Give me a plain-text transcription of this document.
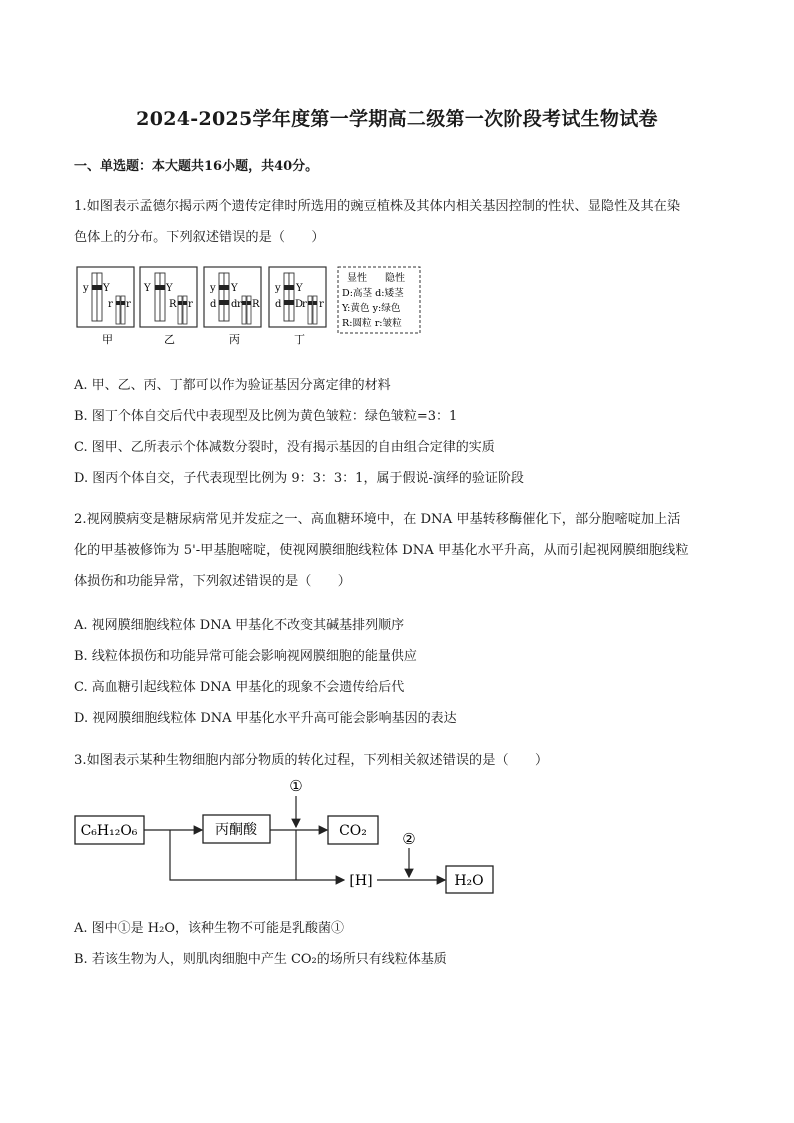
2024-2025学年度第一学期高二级第一次阶段考试生物试卷
一、单选题：本大题共16小题，共40分。
1.如图表示孟德尔揭示两个遗传定律时所选用的豌豆植株及其体内相关基因控制的性状、显隐性及其在染
色体上的分布。下列叙述错误的是（　　）
y Y
r r
甲
Y Y
R r
乙
y Y
d d r R
丙
y Y
d D
r r
丁
显性 隐性
D:高茎 d:矮茎
Y:黄色 y:绿色
R:圆粒 r:皱粒
A. 甲、乙、丙、丁都可以作为验证基因分离定律的材料
B. 图丁个体自交后代中表现型及比例为黄色皱粒：绿色皱粒=3：1
C. 图甲、乙所表示个体减数分裂时，没有揭示基因的自由组合定律的实质
D. 图丙个体自交，子代表现型比例为 9：3：3：1，属于假说-演绎的验证阶段
2.视网膜病变是糖尿病常见并发症之一、高血糖环境中，在 DNA 甲基转移酶催化下，部分胞嘧啶加上活
化的甲基被修饰为 5'-甲基胞嘧啶，使视网膜细胞线粒体 DNA 甲基化水平升高，从而引起视网膜细胞线粒
体损伤和功能异常，下列叙述错误的是（　　）
A. 视网膜细胞线粒体 DNA 甲基化不改变其碱基排列顺序
B. 线粒体损伤和功能异常可能会影响视网膜细胞的能量供应
C. 高血糖引起线粒体 DNA 甲基化的现象不会遗传给后代
D. 视网膜细胞线粒体 DNA 甲基化水平升高可能会影响基因的表达
3.如图表示某种生物细胞内部分物质的转化过程，下列相关叙述错误的是（　　）
C₆H₁₂O₆	丙酮酸	CO₂
H₂O
[H]
①
②
A. 图中①是 H₂O，该种生物不可能是乳酸菌①
B. 若该生物为人，则肌肉细胞中产生 CO₂的场所只有线粒体基质
